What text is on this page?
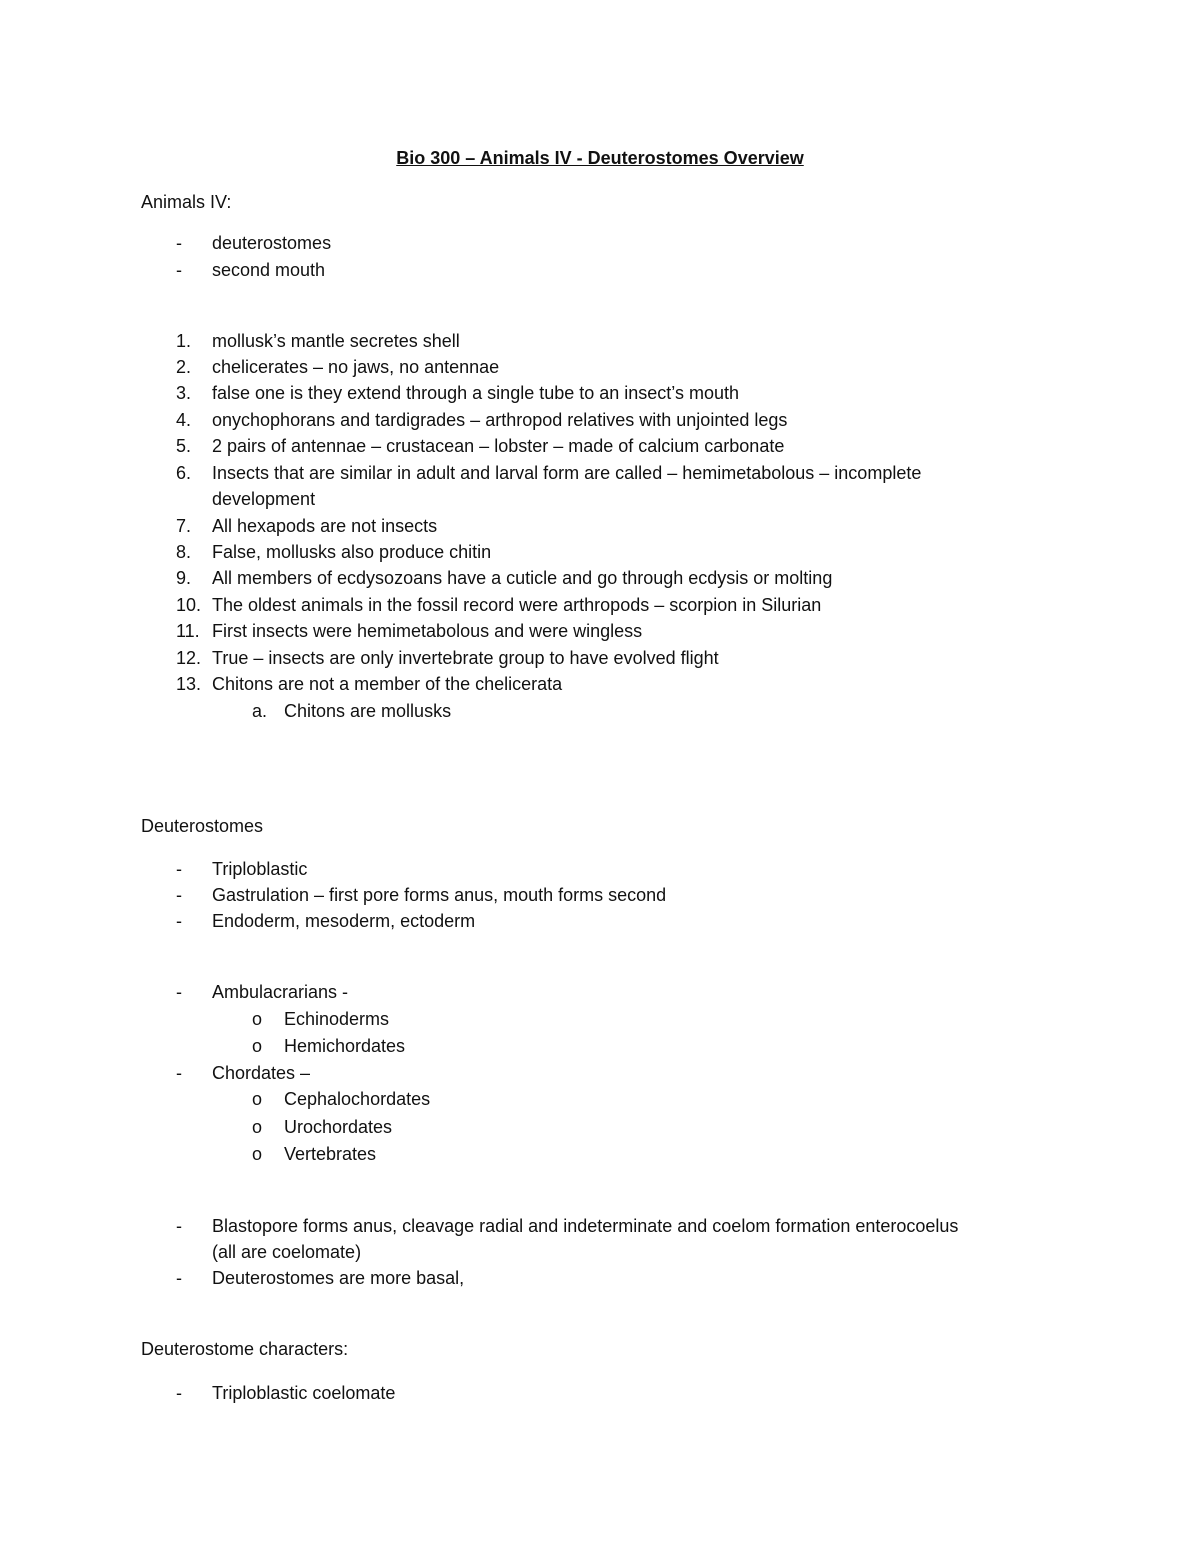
Bio 300 – Animals IV - Deuterostomes Overview
Animals IV:
- deuterostomes
- second mouth
1.	mollusk’s mantle secretes shell
2.	chelicerates – no jaws, no antennae
3.	false one is they extend through a single tube to an insect’s mouth
4.	onychophorans and tardigrades – arthropod relatives with unjointed legs
5.	2 pairs of antennae – crustacean – lobster – made of calcium carbonate
6.	Insects that are similar in adult and larval form are called – hemimetabolous – incomplete
development
7.	All hexapods are not insects
8.	False, mollusks also produce chitin
9.	All members of ecdysozoans have a cuticle and go through ecdysis or molting
10. The oldest animals in the fossil record were arthropods – scorpion in Silurian
11. First insects were hemimetabolous and were wingless
12. True – insects are only invertebrate group to have evolved flight
13. Chitons are not a member of the chelicerata
a. Chitons are mollusks
Deuterostomes
- Triploblastic
- Gastrulation – first pore forms anus, mouth forms second
- Endoderm, mesoderm, ectoderm
- Ambulacrarians -
o Echinoderms
o Hemichordates
- Chordates –
o Cephalochordates
o Urochordates
o Vertebrates
- Blastopore forms anus, cleavage radial and indeterminate and coelom formation enterocoelus
(all are coelomate)
- Deuterostomes are more basal,
Deuterostome characters:
- Triploblastic coelomate
